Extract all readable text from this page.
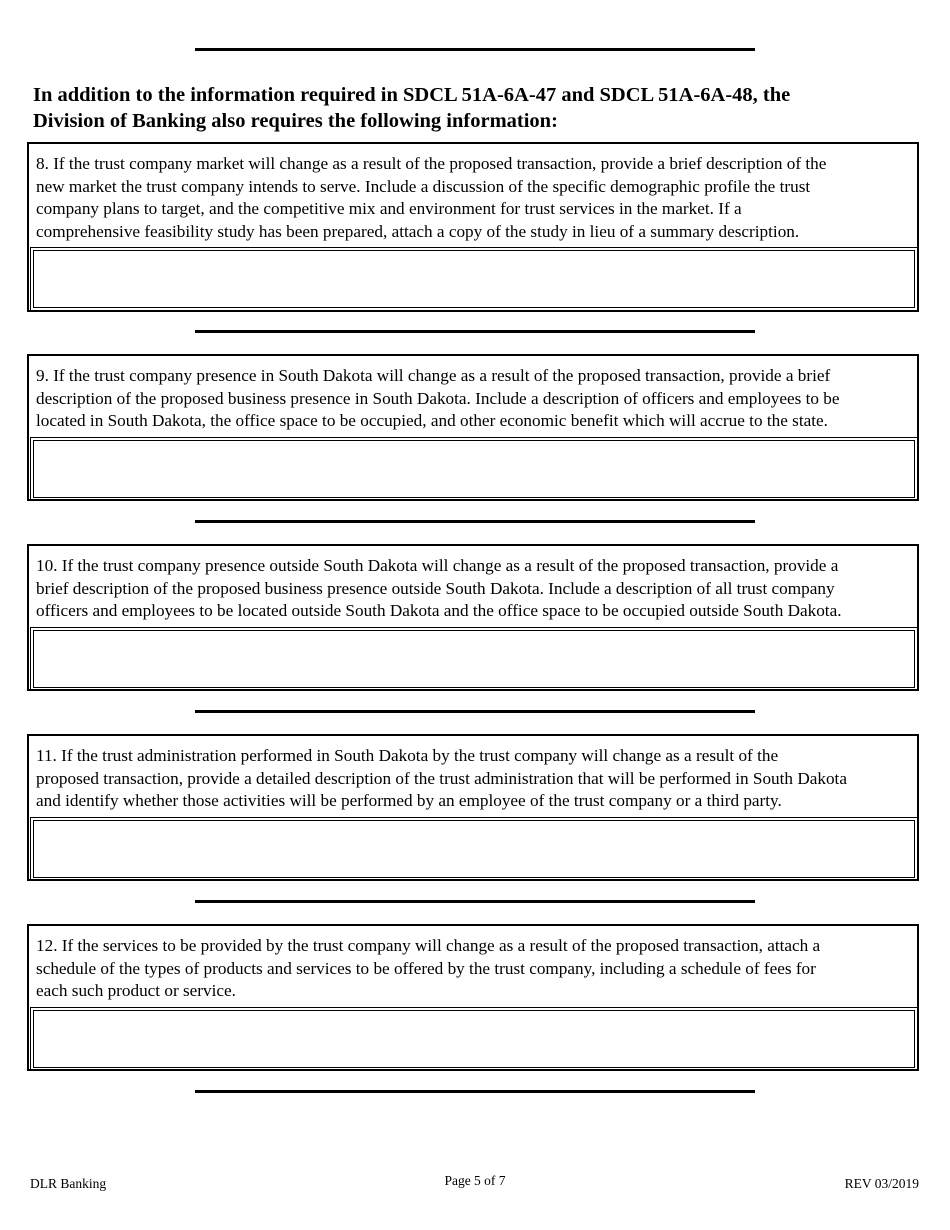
In addition to the information required in SDCL 51A-6A-47 and SDCL 51A-6A-48, the
Division of Banking also requires the following information:
8. If the trust company market will change as a result of the proposed transaction, provide a brief description of the
new market the trust company intends to serve. Include a discussion of the specific demographic profile the trust
company plans to target, and the competitive mix and environment for trust services in the market. If a
comprehensive feasibility study has been prepared, attach a copy of the study in lieu of a summary description.
9. If the trust company presence in South Dakota will change as a result of the proposed transaction, provide a brief
description of the proposed business presence in South Dakota. Include a description of officers and employees to be
located in South Dakota, the office space to be occupied, and other economic benefit which will accrue to the state.
10. If the trust company presence outside South Dakota will change as a result of the proposed transaction, provide a
brief description of the proposed business presence outside South Dakota. Include a description of all trust company
officers and employees to be located outside South Dakota and the office space to be occupied outside South Dakota.
11. If the trust administration performed in South Dakota by the trust company will change as a result of the
proposed transaction, provide a detailed description of the trust administration that will be performed in South Dakota
and identify whether those activities will be performed by an employee of the trust company or a third party.
12. If the services to be provided by the trust company will change as a result of the proposed transaction, attach a
schedule of the types of products and services to be offered by the trust company, including a schedule of fees for
each such product or service.
DLR Banking	Page 5 of 7	REV 03/2019
